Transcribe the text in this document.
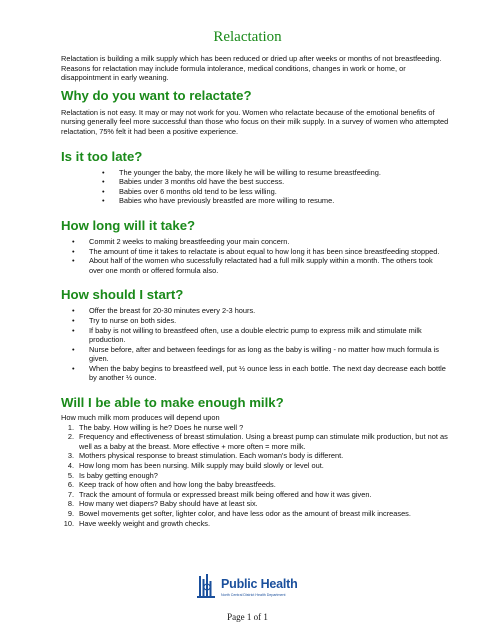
Relactation

Relactation is building a milk supply which has been reduced or dried up after weeks or months of not breastfeeding. Reasons for relactation may include formula intolerance, medical conditions, changes in work or home, or disappointment in early weaning.

Why do you want to relactate?

Relactation is not easy. It may or may not work for you. Women who relactate because of the emotional benefits of nursing generally feel more successful than those who focus on their milk supply. In a survey of women who attempted relactation, 75% felt it had been a positive experience.

Is it too late?
• The younger the baby, the more likely he will be willing to resume breastfeeding.
• Babies under 3 months old have the best success.
• Babies over 6 months old tend to be less willing.
• Babies who have previously breastfed are more willing to resume.
How long will it take?
• Commit 2 weeks to making breastfeeding your main concern.
• The amount of time it takes to relactate is about equal to how long it has been since breastfeeding stopped.
• About half of the women who sucessfully relactated had a full milk supply within a month. The others took over one month or offered formula also.
How should I start?
• Offer the breast for 20-30 minutes every 2-3 hours.
• Try to nurse on both sides.
• If baby is not willing to breastfeed often, use a double electric pump to express milk and stimulate milk production.
• Nurse before, after and between feedings for as long as the baby is willing - no matter how much formula is given.
• When the baby begins to breastfeed well, put ½ ounce less in each bottle. The next day decrease each bottle by another ½ ounce.
Will I be able to make enough milk?

How much milk mom produces will depend upon

1. The baby. How willing is he? Does he nurse well ?
2. Frequency and effectiveness of breast stimulation. Using a breast pump can stimulate milk production, but not as well as a baby at the breast. More effective + more often = more milk.
3. Mothers physical response to breast stimulation. Each woman's body is different.
4. How long mom has been nursing. Milk supply may build slowly or level out.
5. Is baby getting enough?
6. Keep track of how often and how long the baby breastfeeds.
7. Track the amount of formula or expressed breast milk being offered and how it was given.
8. How many wet diapers? Baby should have at least six.
9. Bowel movements get softer, lighter color, and have less odor as the amount of breast milk increases.
10. Have weekly weight and growth checks.
Public Health
North Central District Health Department
Page 1 of 1
